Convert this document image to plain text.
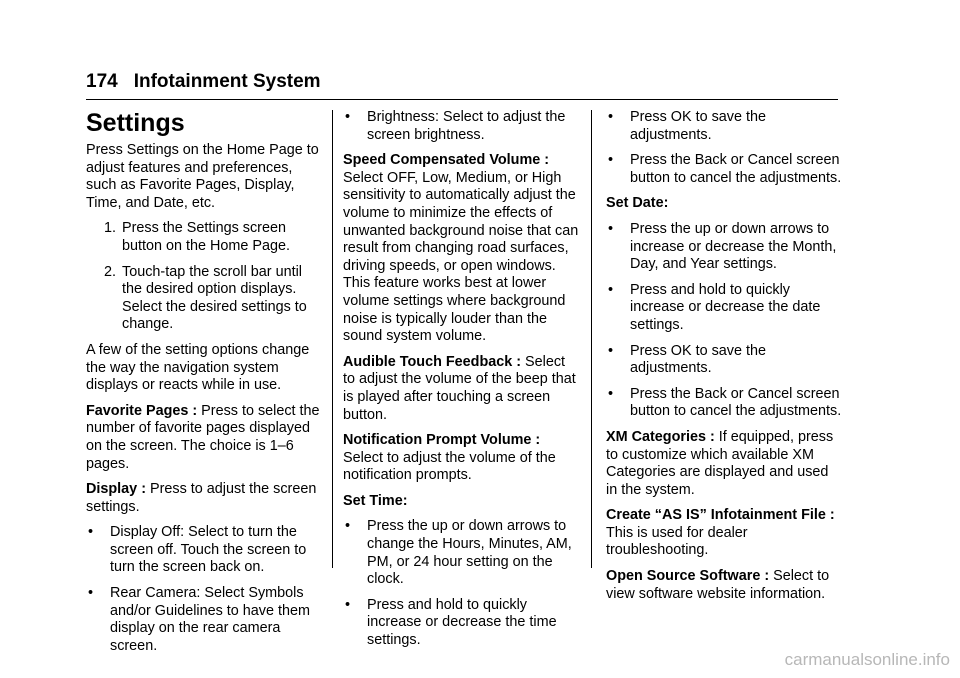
174 Infotainment System
Settings

Press Settings on the Home Page to adjust features and preferences, such as Favorite Pages, Display, Time, and Date, etc.

1. Press the Settings screen button on the Home Page.
2. Touch-tap the scroll bar until the desired option displays. Select the desired settings to change.

A few of the setting options change the way the navigation system displays or reacts while in use.

Favorite Pages : Press to select the number of favorite pages displayed on the screen. The choice is 1–6 pages.

Display : Press to adjust the screen settings.

•	Display Off: Select to turn the screen off. Touch the screen to turn the screen back on.
•	Rear Camera: Select Symbols and/or Guidelines to have them display on the rear camera screen.
•	Brightness: Select to adjust the screen brightness.

Speed Compensated Volume : Select OFF, Low, Medium, or High sensitivity to automatically adjust the volume to minimize the effects of unwanted background noise that can result from changing road surfaces, driving speeds, or open windows. This feature works best at lower volume settings where background noise is typically louder than the sound system volume.

Audible Touch Feedback : Select to adjust the volume of the beep that is played after touching a screen button.

Notification Prompt Volume : Select to adjust the volume of the notification prompts.

Set Time:
•	Press the up or down arrows to change the Hours, Minutes, AM, PM, or 24 hour setting on the clock.
•	Press and hold to quickly increase or decrease the time settings.
•	Press OK to save the adjustments.
•	Press the Back or Cancel screen button to cancel the adjustments.
Set Date:
•	Press the up or down arrows to increase or decrease the Month, Day, and Year settings.
•	Press and hold to quickly increase or decrease the date settings.
•	Press OK to save the adjustments.
•	Press the Back or Cancel screen button to cancel the adjustments.

XM Categories : If equipped, press to customize which available XM Categories are displayed and used in the system.

Create “AS IS” Infotainment File : This is used for dealer troubleshooting.

Open Source Software : Select to view software website information.

carmanualsonline.info
